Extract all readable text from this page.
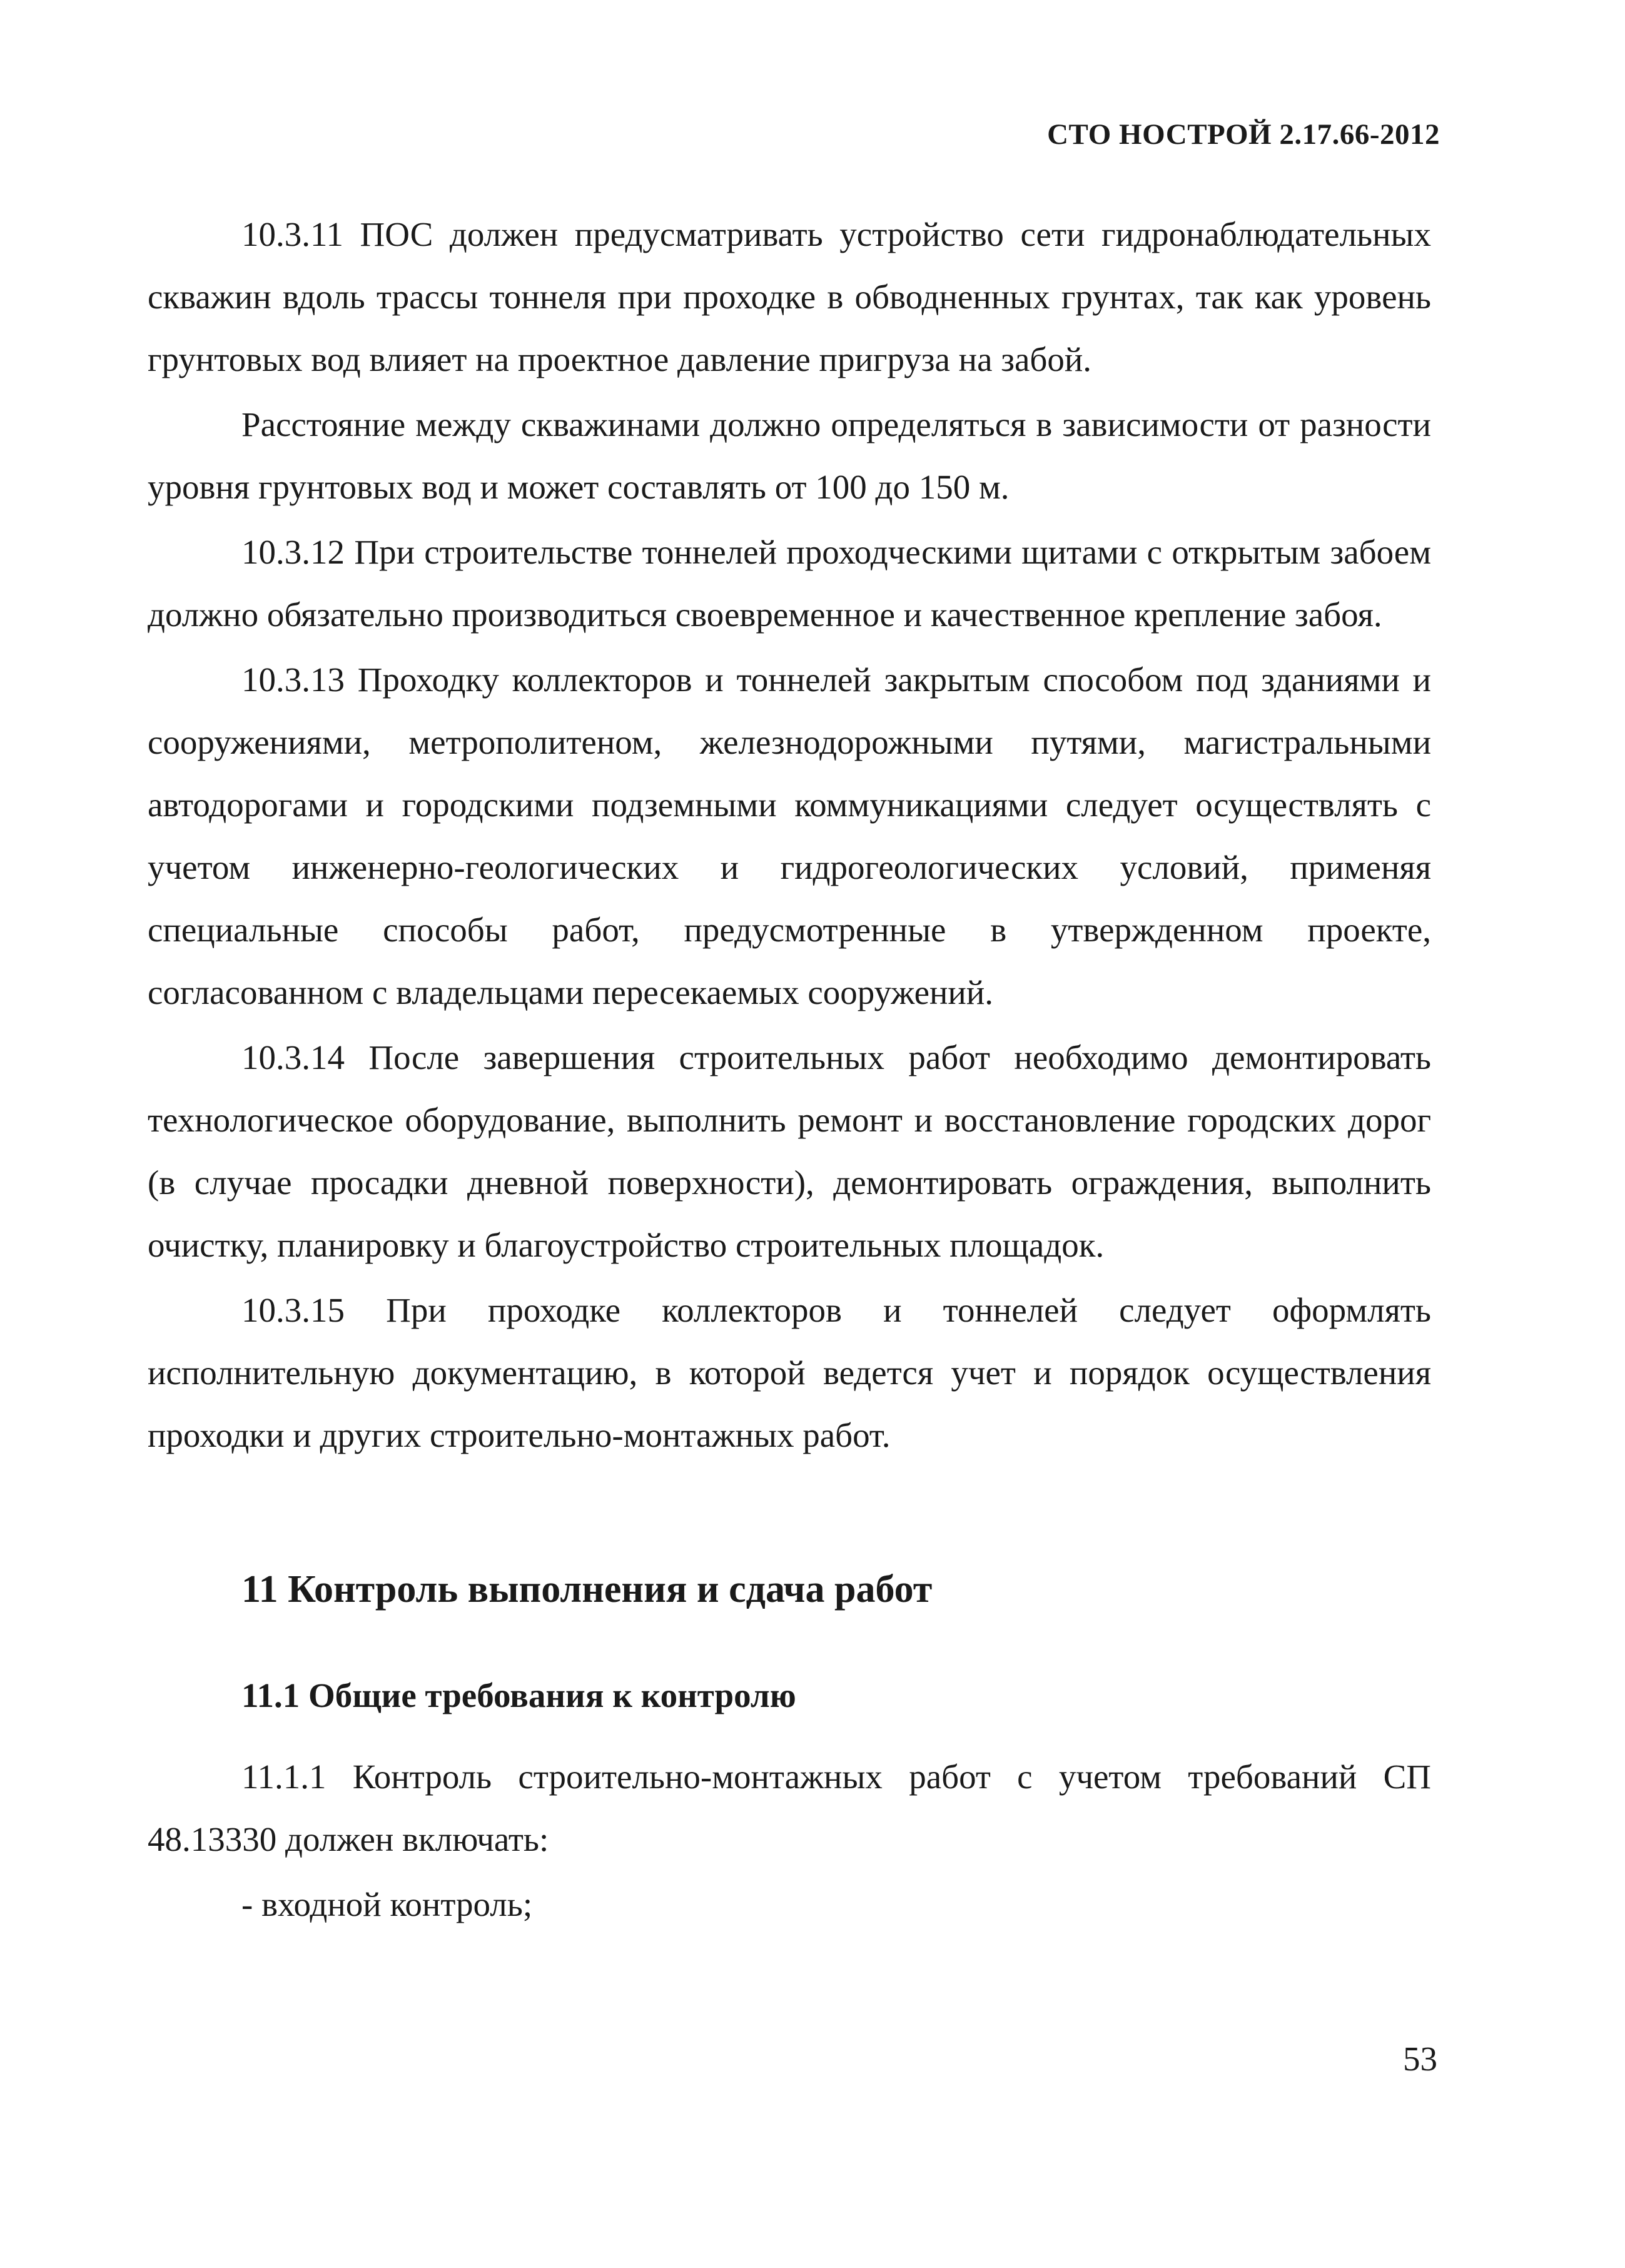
СТО НОСТРОЙ 2.17.66-2012

10.3.11 ПОС должен предусматривать устройство сети гидронаблюдательных скважин вдоль трассы тоннеля при проходке в обводненных грунтах, так как уровень грунтовых вод влияет на проектное давление пригруза на забой.

Расстояние между скважинами должно определяться в зависимости от разности уровня грунтовых вод и может составлять от 100 до 150 м.

10.3.12 При строительстве тоннелей проходческими щитами с открытым забоем должно обязательно производиться своевременное и качественное крепление забоя.

10.3.13 Проходку коллекторов и тоннелей закрытым способом под зданиями и сооружениями, метрополитеном, железнодорожными путями, магистральными автодорогами и городскими подземными коммуникациями следует осуществлять с учетом инженерно-геологических и гидрогеологических условий, применяя специальные способы работ, предусмотренные в утвержденном проекте, согласованном с владельцами пересекаемых сооружений.

10.3.14 После завершения строительных работ необходимо демонтировать технологическое оборудование, выполнить ремонт и восстановление городских дорог (в случае просадки дневной поверхности), демонтировать ограждения, выполнить очистку, планировку и благоустройство строительных площадок.

10.3.15 При проходке коллекторов и тоннелей следует оформлять исполнительную документацию, в которой ведется учет и порядок осуществления проходки и других строительно-монтажных работ.

11 Контроль выполнения и сдача работ
11.1 Общие требования к контролю

11.1.1 Контроль строительно-монтажных работ с учетом требований СП 48.13330 должен включать:

- входной контроль;
53
